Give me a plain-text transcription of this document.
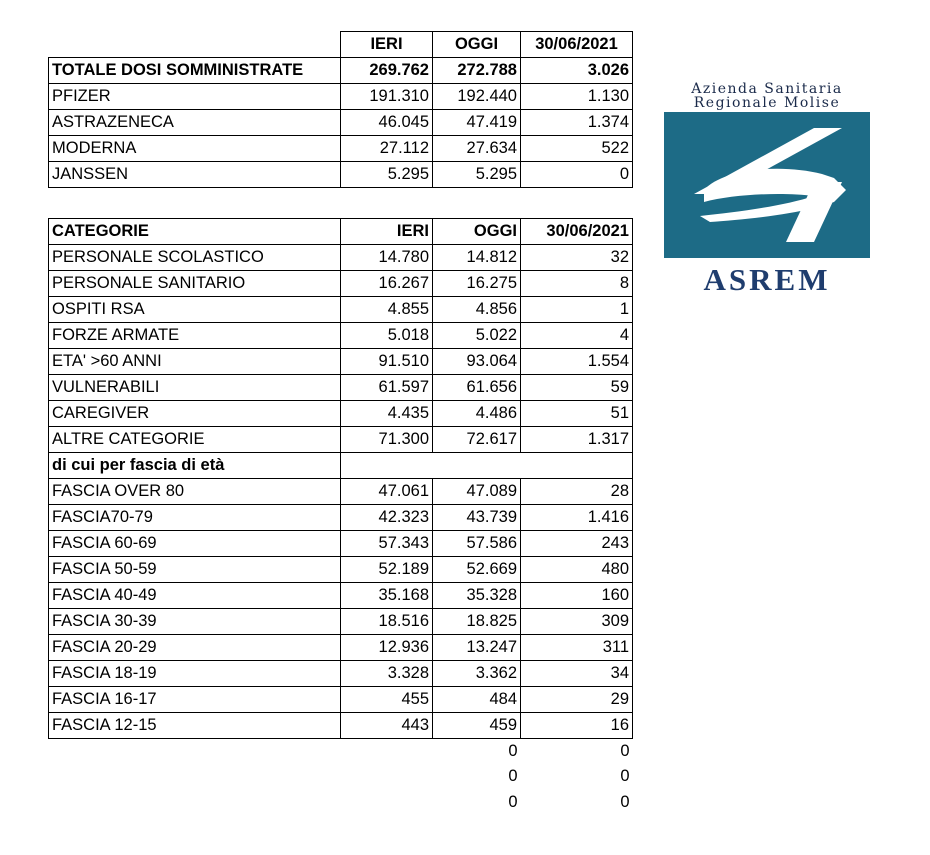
	IERI	OGGI	30/06/2021
TOTALE DOSI SOMMINISTRATE	269.762	272.788	3.026
PFIZER	191.310	192.440	1.130
ASTRAZENECA	46.045	47.419	1.374
MODERNA	27.112	27.634	522
JANSSEN	5.295	5.295	0
CATEGORIE	IERI	OGGI	30/06/2021
PERSONALE SCOLASTICO	14.780	14.812	32
PERSONALE SANITARIO	16.267	16.275	8
OSPITI RSA	4.855	4.856	1
FORZE ARMATE	5.018	5.022	4
ETA' >60 ANNI	91.510	93.064	1.554
VULNERABILI	61.597	61.656	59
CAREGIVER	4.435	4.486	51
ALTRE CATEGORIE	71.300	72.617	1.317
di cui per fascia di età			
FASCIA OVER 80	47.061	47.089	28
FASCIA70-79	42.323	43.739	1.416
FASCIA 60-69	57.343	57.586	243
FASCIA 50-59	52.189	52.669	480
FASCIA 40-49	35.168	35.328	160
FASCIA 30-39	18.516	18.825	309
FASCIA 20-29	12.936	13.247	311
FASCIA 18-19	3.328	3.362	34
FASCIA 16-17	455	484	29
FASCIA 12-15	443	459	16
		0	0
		0	0
		0	0
Azienda Sanitaria
Regionale Molise
ASREM
